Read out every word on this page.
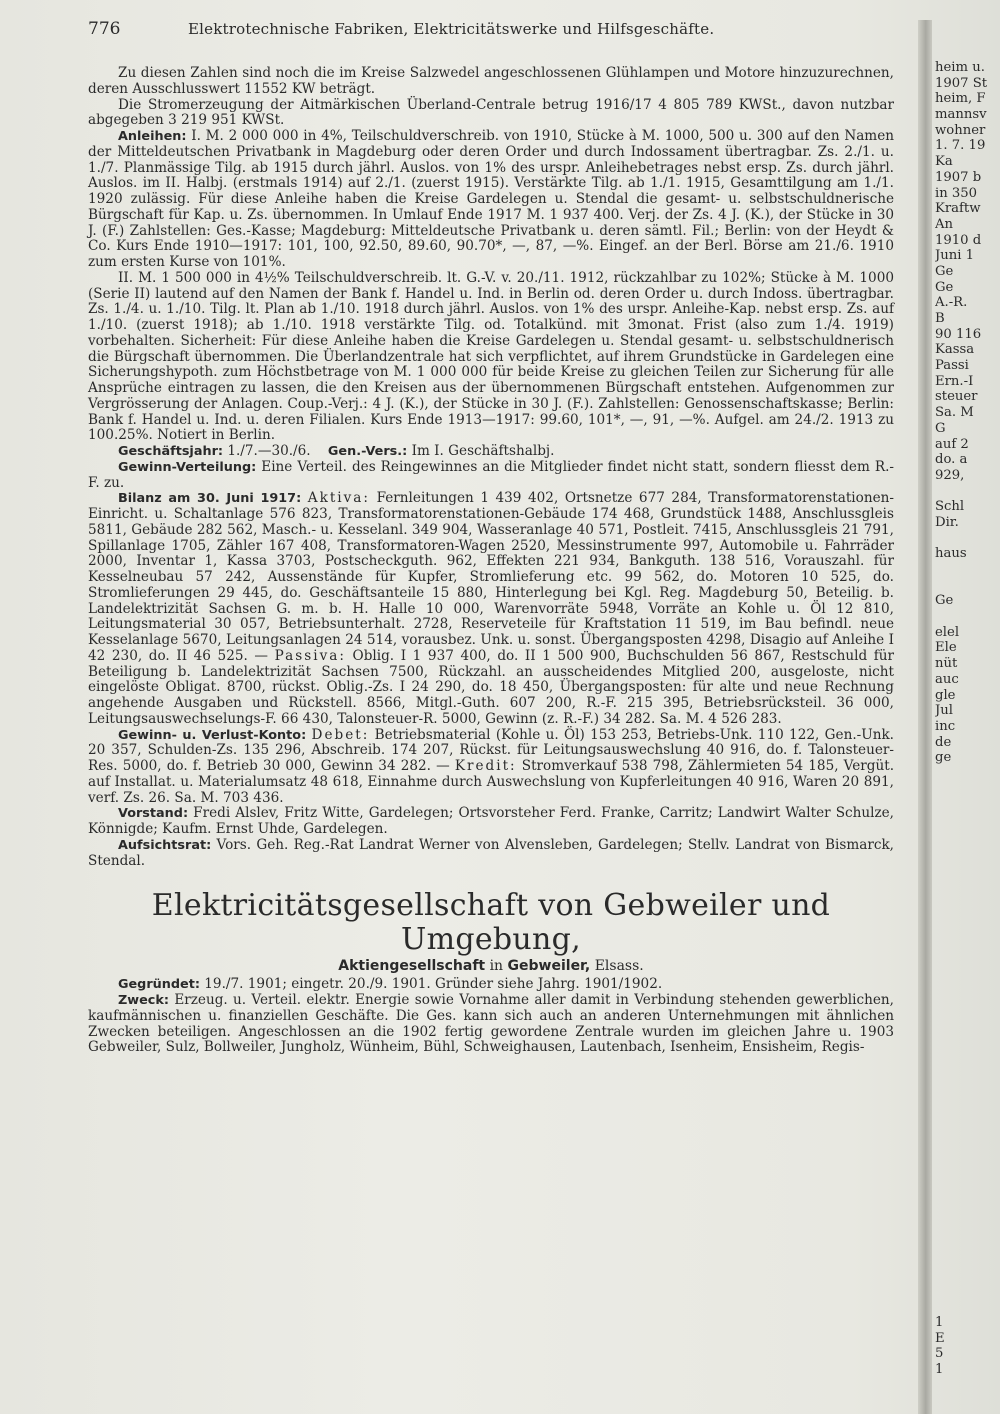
776	Elektrotechnische Fabriken, Elektricitätswerke und Hilfsgeschäfte.

Zu diesen Zahlen sind noch die im Kreise Salzwedel angeschlossenen Glühlampen und Motore hinzuzurechnen, deren Ausschlusswert 11552 KW beträgt.

Die Stromerzeugung der Aitmärkischen Überland-Centrale betrug 1916/17 4 805 789 KWSt., davon nutzbar abgegeben 3 219 951 KWSt.

Anleihen: I. M. 2 000 000 in 4%, Teilschuldverschreib. von 1910, Stücke à M. 1000, 500 u. 300 auf den Namen der Mitteldeutschen Privatbank in Magdeburg oder deren Order und durch Indossament übertragbar. Zs. 2./1. u. 1./7. Planmässige Tilg. ab 1915 durch jährl. Auslos. von 1% des urspr. Anleihebetrages nebst ersp. Zs. durch jährl. Auslos. im II. Halbj. (erstmals 1914) auf 2./1. (zuerst 1915). Verstärkte Tilg. ab 1./1. 1915, Gesamttilgung am 1./1. 1920 zulässig. Für diese Anleihe haben die Kreise Gardelegen u. Stendal die gesamt- u. selbstschuldnerische Bürgschaft für Kap. u. Zs. übernommen. In Umlauf Ende 1917 M. 1 937 400. Verj. der Zs. 4 J. (K.), der Stücke in 30 J. (F.) Zahlstellen: Ges.-Kasse; Magdeburg: Mitteldeutsche Privatbank u. deren sämtl. Fil.; Berlin: von der Heydt & Co. Kurs Ende 1910—1917: 101, 100, 92.50, 89.60, 90.70*, —, 87, —%. Eingef. an der Berl. Börse am 21./6. 1910 zum ersten Kurse von 101%.

II. M. 1 500 000 in 4½% Teilschuldverschreib. lt. G.-V. v. 20./11. 1912, rückzahlbar zu 102%; Stücke à M. 1000 (Serie II) lautend auf den Namen der Bank f. Handel u. Ind. in Berlin od. deren Order u. durch Indoss. übertragbar. Zs. 1./4. u. 1./10. Tilg. lt. Plan ab 1./10. 1918 durch jährl. Auslos. von 1% des urspr. Anleihe-Kap. nebst ersp. Zs. auf 1./10. (zuerst 1918); ab 1./10. 1918 verstärkte Tilg. od. Totalkünd. mit 3monat. Frist (also zum 1./4. 1919) vorbehalten. Sicherheit: Für diese Anleihe haben die Kreise Gardelegen u. Stendal gesamt- u. selbstschuldnerisch die Bürgschaft übernommen. Die Überlandzentrale hat sich verpflichtet, auf ihrem Grundstücke in Gardelegen eine Sicherungshypoth. zum Höchstbetrage von M. 1 000 000 für beide Kreise zu gleichen Teilen zur Sicherung für alle Ansprüche eintragen zu lassen, die den Kreisen aus der übernommenen Bürgschaft entstehen. Aufgenommen zur Vergrösserung der Anlagen. Coup.-Verj.: 4 J. (K.), der Stücke in 30 J. (F.). Zahlstellen: Genossenschaftskasse; Berlin: Bank f. Handel u. Ind. u. deren Filialen. Kurs Ende 1913—1917: 99.60, 101*, —, 91, —%. Aufgel. am 24./2. 1913 zu 100.25%. Notiert in Berlin.

Geschäftsjahr: 1./7.—30./6. Gen.-Vers.: Im I. Geschäftshalbj.

Gewinn-Verteilung: Eine Verteil. des Reingewinnes an die Mitglieder findet nicht statt, sondern fliesst dem R.-F. zu.

Bilanz am 30. Juni 1917: Aktiva: Fernleitungen 1 439 402, Ortsnetze 677 284, Transformatorenstationen-Einricht. u. Schaltanlage 576 823, Transformatorenstationen-Gebäude 174 468, Grundstück 1488, Anschlussgleis 5811, Gebäude 282 562, Masch.- u. Kesselanl. 349 904, Wasseranlage 40 571, Postleit. 7415, Anschlussgleis 21 791, Spillanlage 1705, Zähler 167 408, Transformatoren-Wagen 2520, Messinstrumente 997, Automobile u. Fahrräder 2000, Inventar 1, Kassa 3703, Postscheckguth. 962, Effekten 221 934, Bankguth. 138 516, Vorauszahl. für Kesselneubau 57 242, Aussenstände für Kupfer, Stromlieferung etc. 99 562, do. Motoren 10 525, do. Stromlieferungen 29 445, do. Geschäftsanteile 15 880, Hinterlegung bei Kgl. Reg. Magdeburg 50, Beteilig. b. Landelektrizität Sachsen G. m. b. H. Halle 10 000, Warenvorräte 5948, Vorräte an Kohle u. Öl 12 810, Leitungsmaterial 30 057, Betriebsunterhalt. 2728, Reserveteile für Kraftstation 11 519, im Bau befindl. neue Kesselanlage 5670, Leitungsanlagen 24 514, vorausbez. Unk. u. sonst. Übergangsposten 4298, Disagio auf Anleihe I 42 230, do. II 46 525. — Passiva: Oblig. I 1 937 400, do. II 1 500 900, Buchschulden 56 867, Restschuld für Beteiligung b. Landelektrizität Sachsen 7500, Rückzahl. an ausscheidendes Mitglied 200, ausgeloste, nicht eingelöste Obligat. 8700, rückst. Oblig.-Zs. I 24 290, do. 18 450, Übergangsposten: für alte und neue Rechnung angehende Ausgaben und Rückstell. 8566, Mitgl.-Guth. 607 200, R.-F. 215 395, Betriebsrücksteil. 36 000, Leitungsauswechselungs-F. 66 430, Talonsteuer-R. 5000, Gewinn (z. R.-F.) 34 282. Sa. M. 4 526 283.

Gewinn- u. Verlust-Konto: Debet: Betriebsmaterial (Kohle u. Öl) 153 253, Betriebs-Unk. 110 122, Gen.-Unk. 20 357, Schulden-Zs. 135 296, Abschreib. 174 207, Rückst. für Leitungsauswechslung 40 916, do. f. Talonsteuer-Res. 5000, do. f. Betrieb 30 000, Gewinn 34 282. — Kredit: Stromverkauf 538 798, Zählermieten 54 185, Vergüt. auf Installat. u. Materialumsatz 48 618, Einnahme durch Auswechslung von Kupferleitungen 40 916, Waren 20 891, verf. Zs. 26. Sa. M. 703 436.

Vorstand: Fredi Alslev, Fritz Witte, Gardelegen; Ortsvorsteher Ferd. Franke, Carritz; Landwirt Walter Schulze, Könnigde; Kaufm. Ernst Uhde, Gardelegen.

Aufsichtsrat: Vors. Geh. Reg.-Rat Landrat Werner von Alvensleben, Gardelegen; Stellv. Landrat von Bismarck, Stendal.

Elektricitätsgesellschaft von Gebweiler und Umgebung,
Aktiengesellschaft in Gebweiler, Elsass.

Gegründet: 19./7. 1901; eingetr. 20./9. 1901. Gründer siehe Jahrg. 1901/1902.

Zweck: Erzeug. u. Verteil. elektr. Energie sowie Vornahme aller damit in Verbindung stehenden gewerblichen, kaufmännischen u. finanziellen Geschäfte. Die Ges. kann sich auch an anderen Unternehmungen mit ähnlichen Zwecken beteiligen. Angeschlossen an die 1902 fertig gewordene Zentrale wurden im gleichen Jahre u. 1903 Gebweiler, Sulz, Bollweiler, Jungholz, Wünheim, Bühl, Schweighausen, Lautenbach, Isenheim, Ensisheim, Regis-

heim u.
1907 St
heim, F
mannsv
wohner
1. 7. 19
Ka
1907 b
in 350
Kraftw
An
1910 d
Juni 1
Ge
Ge
A.-R.
B
90 116
Kassa
Passi
Ern.-I
steuer
Sa. M
G
auf 2
do. a
929,
Schl
Dir.
haus
Ge
elel
Ele
nüt
auc
gle
Jul
inc
de
ge
1
E
5
1
